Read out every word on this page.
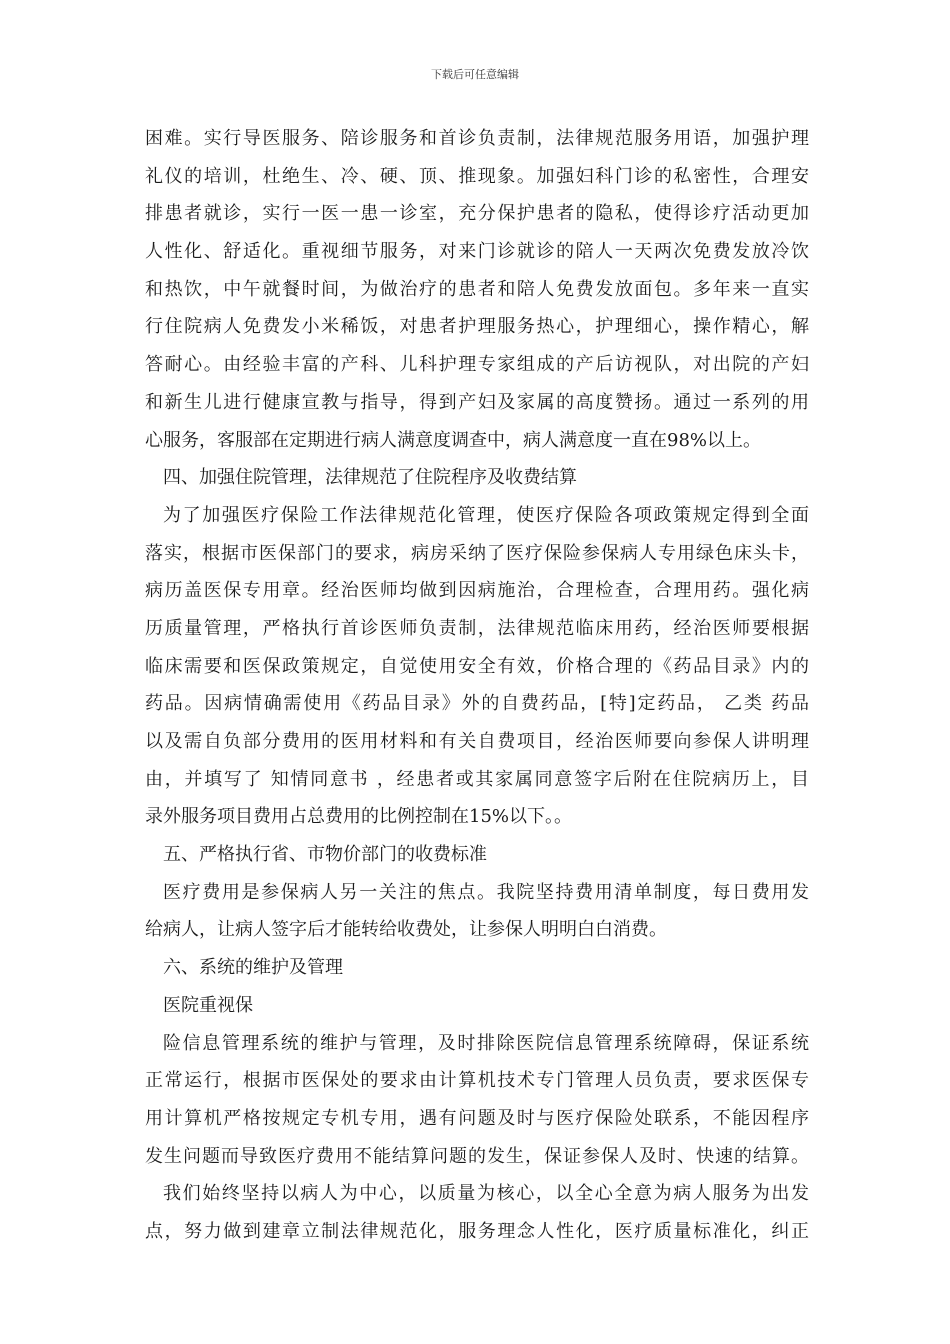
下载后可任意编辑
困难。实行导医服务、陪诊服务和首诊负责制，法律规范服务用语，加强护理
礼仪的培训，杜绝生、冷、硬、顶、推现象。加强妇科门诊的私密性，合理安
排患者就诊，实行一医一患一诊室，充分保护患者的隐私，使得诊疗活动更加
人性化、舒适化。重视细节服务，对来门诊就诊的陪人一天两次免费发放冷饮
和热饮，中午就餐时间，为做治疗的患者和陪人免费发放面包。多年来一直实
行住院病人免费发小米稀饭，对患者护理服务热心，护理细心，操作精心，解
答耐心。由经验丰富的产科、儿科护理专家组成的产后访视队，对出院的产妇
和新生儿进行健康宣教与指导，得到产妇及家属的高度赞扬。通过一系列的用
心服务，客服部在定期进行病人满意度调查中，病人满意度一直在98%以上。
四、加强住院管理，法律规范了住院程序及收费结算
为了加强医疗保险工作法律规范化管理，使医疗保险各项政策规定得到全面
落实，根据市医保部门的要求，病房采纳了医疗保险参保病人专用绿色床头卡，
病历盖医保专用章。经治医师均做到因病施治，合理检查，合理用药。强化病
历质量管理，严格执行首诊医师负责制，法律规范临床用药，经治医师要根据
临床需要和医保政策规定，自觉使用安全有效，价格合理的《药品目录》内的
药品。因病情确需使用《药品目录》外的自费药品，[特]定药品， 乙类 药品
以及需自负部分费用的医用材料和有关自费项目，经治医师要向参保人讲明理
由，并填写了 知情同意书 ，经患者或其家属同意签字后附在住院病历上，目
录外服务项目费用占总费用的比例控制在15%以下。。
五、严格执行省、市物价部门的收费标准
医疗费用是参保病人另一关注的焦点。我院坚持费用清单制度，每日费用发
给病人，让病人签字后才能转给收费处，让参保人明明白白消费。
六、系统的维护及管理
医院重视保
险信息管理系统的维护与管理，及时排除医院信息管理系统障碍，保证系统
正常运行，根据市医保处的要求由计算机技术专门管理人员负责，要求医保专
用计算机严格按规定专机专用，遇有问题及时与医疗保险处联系，不能因程序
发生问题而导致医疗费用不能结算问题的发生，保证参保人及时、快速的结算。
我们始终坚持以病人为中心，以质量为核心，以全心全意为病人服务为出发
点，努力做到建章立制法律规范化，服务理念人性化，医疗质量标准化，纠正
